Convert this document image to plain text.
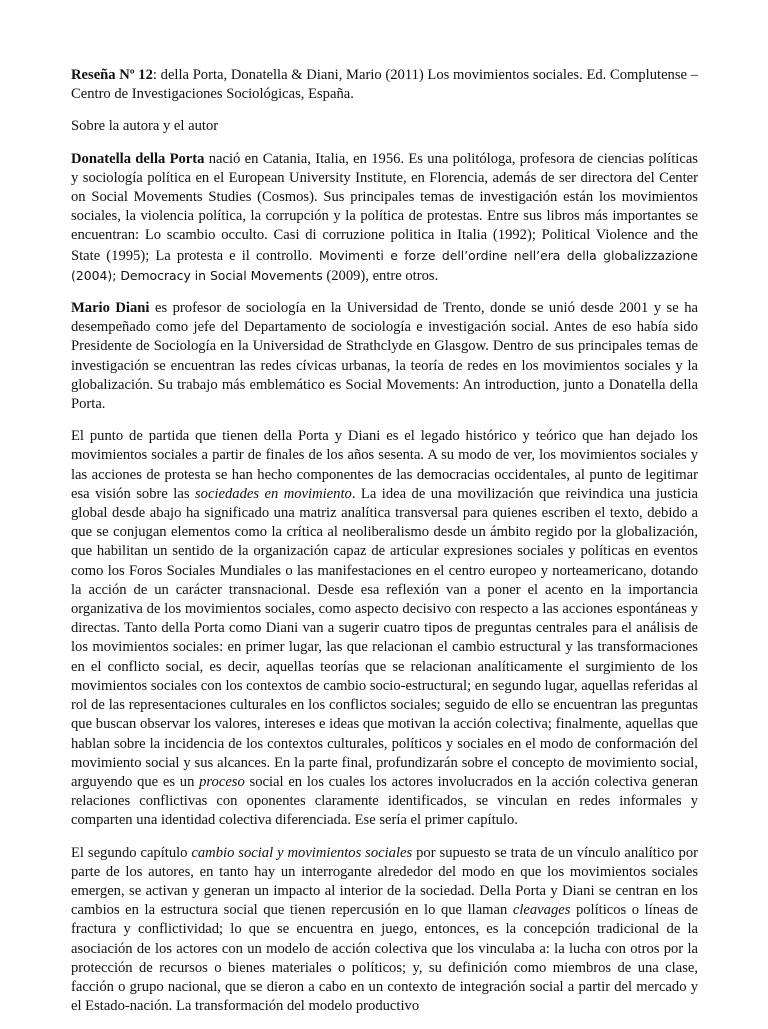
Reseña Nº 12: della Porta, Donatella & Diani, Mario (2011) Los movimientos sociales. Ed. Complutense – Centro de Investigaciones Sociológicas, España.

Sobre la autora y el autor

Donatella della Porta nació en Catania, Italia, en 1956. Es una politóloga, profesora de ciencias políticas y sociología política en el European University Institute, en Florencia, además de ser directora del Center on Social Movements Studies (Cosmos). Sus principales temas de investigación están los movimientos sociales, la violencia política, la corrupción y la política de protestas. Entre sus libros más importantes se encuentran: Lo scambio occulto. Casi di corruzione politica in Italia (1992); Political Violence and the State (1995); La protesta e il controllo. Movimenti e forze dell’ordine nell’era della globalizzazione (2004); Democracy in Social Movements (2009), entre otros.

Mario Diani es profesor de sociología en la Universidad de Trento, donde se unió desde 2001 y se ha desempeñado como jefe del Departamento de sociología e investigación social. Antes de eso había sido Presidente de Sociología en la Universidad de Strathclyde en Glasgow. Dentro de sus principales temas de investigación se encuentran las redes cívicas urbanas, la teoría de redes en los movimientos sociales y la globalización. Su trabajo más emblemático es Social Movements: An introduction, junto a Donatella della Porta.

El punto de partida que tienen della Porta y Diani es el legado histórico y teórico que han dejado los movimientos sociales a partir de finales de los años sesenta. A su modo de ver, los movimientos sociales y las acciones de protesta se han hecho componentes de las democracias occidentales, al punto de legitimar esa visión sobre las sociedades en movimiento. La idea de una movilización que reivindica una justicia global desde abajo ha significado una matriz analítica transversal para quienes escriben el texto, debido a que se conjugan elementos como la crítica al neoliberalismo desde un ámbito regido por la globalización, que habilitan un sentido de la organización capaz de articular expresiones sociales y políticas en eventos como los Foros Sociales Mundiales o las manifestaciones en el centro europeo y norteamericano, dotando la acción de un carácter transnacional. Desde esa reflexión van a poner el acento en la importancia organizativa de los movimientos sociales, como aspecto decisivo con respecto a las acciones espontáneas y directas. Tanto della Porta como Diani van a sugerir cuatro tipos de preguntas centrales para el análisis de los movimientos sociales: en primer lugar, las que relacionan el cambio estructural y las transformaciones en el conflicto social, es decir, aquellas teorías que se relacionan analíticamente el surgimiento de los movimientos sociales con los contextos de cambio socio-estructural; en segundo lugar, aquellas referidas al rol de las representaciones culturales en los conflictos sociales; seguido de ello se encuentran las preguntas que buscan observar los valores, intereses e ideas que motivan la acción colectiva; finalmente, aquellas que hablan sobre la incidencia de los contextos culturales, políticos y sociales en el modo de conformación del movimiento social y sus alcances. En la parte final, profundizarán sobre el concepto de movimiento social, arguyendo que es un proceso social en los cuales los actores involucrados en la acción colectiva generan relaciones conflictivas con oponentes claramente identificados, se vinculan en redes informales y comparten una identidad colectiva diferenciada. Ese sería el primer capítulo.

El segundo capítulo cambio social y movimientos sociales por supuesto se trata de un vínculo analítico por parte de los autores, en tanto hay un interrogante alrededor del modo en que los movimientos sociales emergen, se activan y generan un impacto al interior de la sociedad. Della Porta y Diani se centran en los cambios en la estructura social que tienen repercusión en lo que llaman cleavages políticos o líneas de fractura y conflictividad; lo que se encuentra en juego, entonces, es la concepción tradicional de la asociación de los actores con un modelo de acción colectiva que los vinculaba a: la lucha con otros por la protección de recursos o bienes materiales o políticos; y, su definición como miembros de una clase, facción o grupo nacional, que se dieron a cabo en un contexto de integración social a partir del mercado y el Estado-nación. La transformación del modelo productivo
